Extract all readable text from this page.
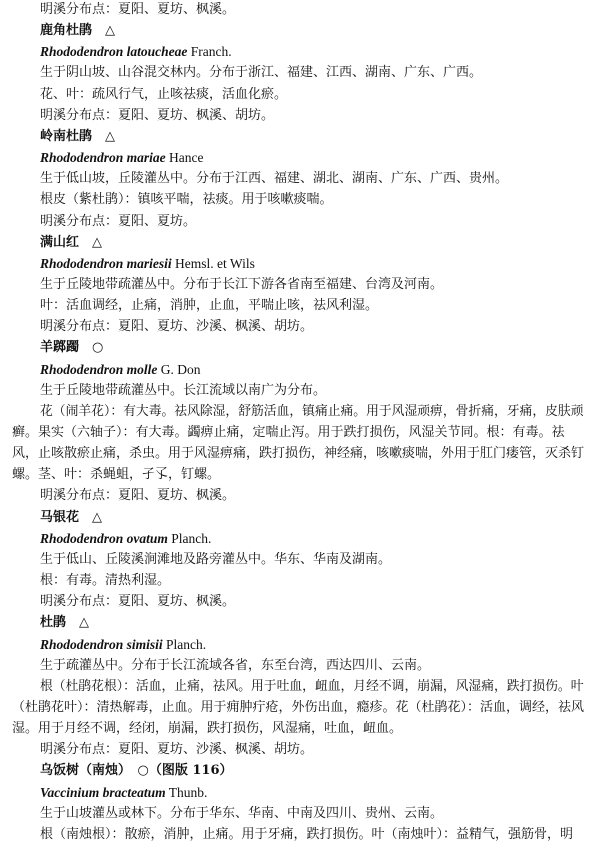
明溪分布点：夏阳、夏坊、枫溪。
鹿角杜鹃　△
Rhododendron latoucheae Franch.
生于阴山坡、山谷混交林内。分布于浙江、福建、江西、湖南、广东、广西。
花、叶：疏风行气，止咳祛痰，活血化瘀。
明溪分布点：夏阳、夏坊、枫溪、胡坊。
岭南杜鹃　△
Rhododendron mariae Hance
生于低山坡，丘陵灌丛中。分布于江西、福建、湖北、湖南、广东、广西、贵州。
根皮（紫杜鹃）：镇咳平喘，祛痰。用于咳嗽痰喘。
明溪分布点：夏阳、夏坊。
满山红　△
Rhododendron mariesii Hemsl. et Wils
生于丘陵地带疏灌丛中。分布于长江下游各省南至福建、台湾及河南。
叶：活血调经，止痛，消肿，止血，平喘止咳，祛风利湿。
明溪分布点：夏阳、夏坊、沙溪、枫溪、胡坊。
羊踯躅　○
Rhododendron molle G. Don
生于丘陵地带疏灌丛中。长江流域以南广为分布。
花（闹羊花）：有大毒。祛风除湿，舒筋活血，镇痛止痛。用于风湿顽痹，骨折痛，牙痛，皮肤顽
癣。果实（六轴子）：有大毒。蠲痹止痛，定喘止泻。用于跌打损伤，风湿关节同。根：有毒。祛
风，止咳散瘀止痛，杀虫。用于风湿痹痛，跌打损伤，神经痛，咳嗽痰喘，外用于肛门瘘管，灭杀钉
螺。茎、叶：杀蝇蛆，孑孓，钉螺。
明溪分布点：夏阳、夏坊、枫溪。
马银花　△
Rhododendron ovatum Planch.
生于低山、丘陵溪涧滩地及路旁灌丛中。华东、华南及湖南。
根：有毒。清热利湿。
明溪分布点：夏阳、夏坊、枫溪。
杜鹃　△
Rhododendron simisii Planch.
生于疏灌丛中。分布于长江流域各省，东至台湾，西达四川、云南。
根（杜鹃花根）：活血，止痛，祛风。用于吐血，衄血，月经不调，崩漏，风湿痛，跌打损伤。叶
（杜鹃花叶）：清热解毒，止血。用于痈肿疔疮，外伤出血，瘾疹。花（杜鹃花）：活血，调经，祛风
湿。用于月经不调，经闭，崩漏，跌打损伤，风湿痛，吐血，衄血。
明溪分布点：夏阳、夏坊、沙溪、枫溪、胡坊。
乌饭树（南烛）　○（图版 116）
Vaccinium bracteatum Thunb.
生于山坡灌丛或林下。分布于华东、华南、中南及四川、贵州、云南。
根（南烛根）：散瘀，消肿，止痛。用于牙痛，跌打损伤。叶（南烛叶）：益精气，强筋骨，明
